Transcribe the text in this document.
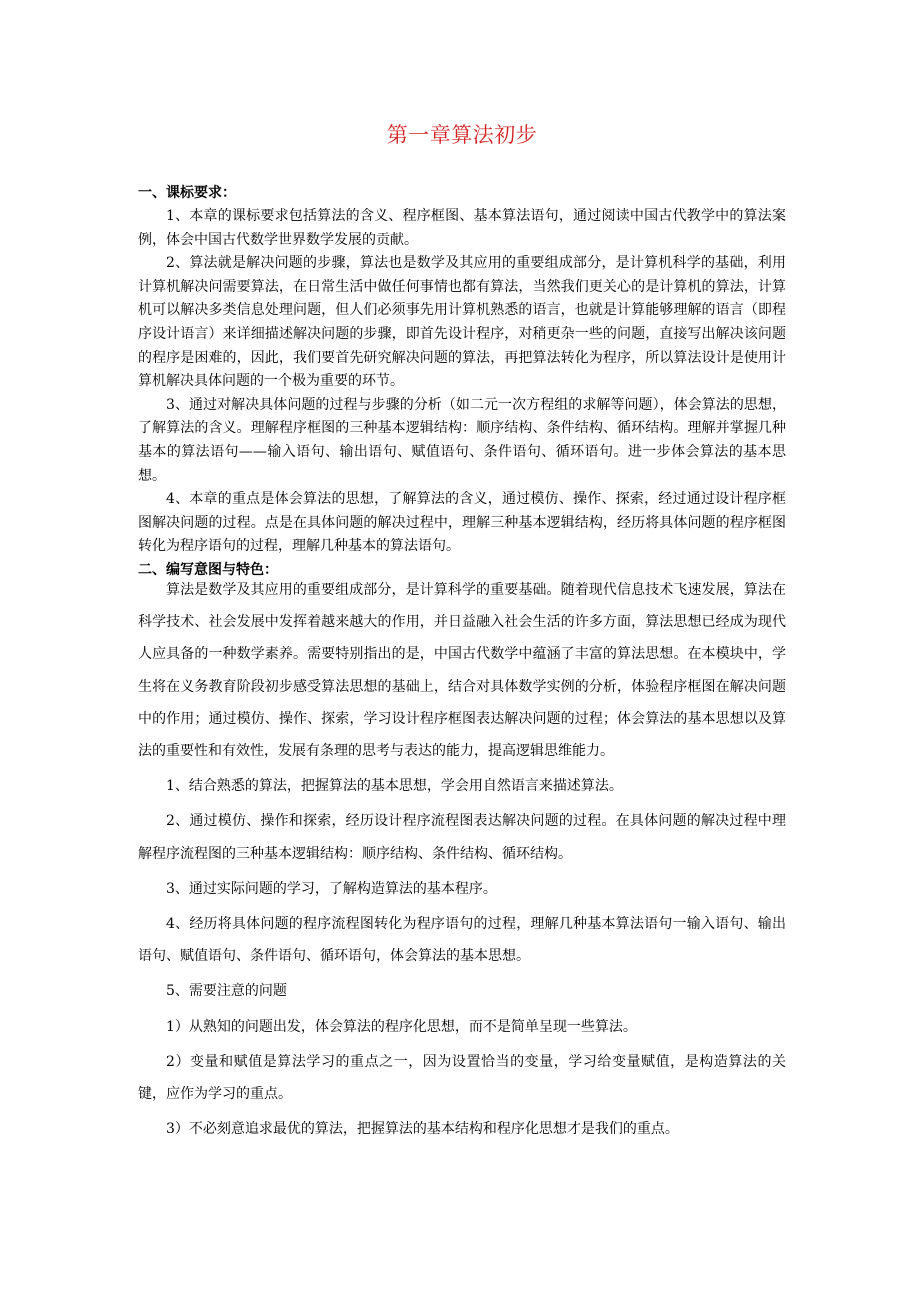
第一章算法初步

一、课标要求：

1、本章的课标要求包括算法的含义、程序框图、基本算法语句，通过阅读中国古代教学中的算法案例，体会中国古代数学世界数学发展的贡献。

2、算法就是解决问题的步骤，算法也是数学及其应用的重要组成部分，是计算机科学的基础，利用计算机解决问需要算法，在日常生活中做任何事情也都有算法，当然我们更关心的是计算机的算法，计算机可以解决多类信息处理问题，但人们必须事先用计算机熟悉的语言，也就是计算能够理解的语言（即程序设计语言）来详细描述解决问题的步骤，即首先设计程序，对稍更杂一些的问题，直接写出解决该问题的程序是困难的，因此，我们要首先研究解决问题的算法，再把算法转化为程序，所以算法设计是使用计算机解决具体问题的一个极为重要的环节。

3、通过对解决具体问题的过程与步骤的分析（如二元一次方程组的求解等问题），体会算法的思想，了解算法的含义。理解程序框图的三种基本逻辑结构：顺序结构、条件结构、循环结构。理解并掌握几种基本的算法语句——输入语句、输出语句、赋值语句、条件语句、循环语句。进一步体会算法的基本思想。

4、本章的重点是体会算法的思想，了解算法的含义，通过模仿、操作、探索，经过通过设计程序框图解决问题的过程。点是在具体问题的解决过程中，理解三种基本逻辑结构，经历将具体问题的程序框图转化为程序语句的过程，理解几种基本的算法语句。

二、编写意图与特色：

算法是数学及其应用的重要组成部分，是计算科学的重要基础。随着现代信息技术飞速发展，算法在科学技术、社会发展中发挥着越来越大的作用，并日益融入社会生活的许多方面，算法思想已经成为现代人应具备的一种数学素养。需要特别指出的是，中国古代数学中蕴涵了丰富的算法思想。在本模块中，学生将在义务教育阶段初步感受算法思想的基础上，结合对具体数学实例的分析，体验程序框图在解决问题中的作用；通过模仿、操作、探索，学习设计程序框图表达解决问题的过程；体会算法的基本思想以及算法的重要性和有效性，发展有条理的思考与表达的能力，提高逻辑思维能力。

1、结合熟悉的算法，把握算法的基本思想，学会用自然语言来描述算法。

2、通过模仿、操作和探索，经历设计程序流程图表达解决问题的过程。在具体问题的解决过程中理解程序流程图的三种基本逻辑结构：顺序结构、条件结构、循环结构。

3、通过实际问题的学习，了解构造算法的基本程序。

4、经历将具体问题的程序流程图转化为程序语句的过程，理解几种基本算法语句一输入语句、输出语句、赋值语句、条件语句、循环语句，体会算法的基本思想。

5、需要注意的问题

1）从熟知的问题出发，体会算法的程序化思想，而不是简单呈现一些算法。

2）变量和赋值是算法学习的重点之一，因为设置恰当的变量，学习给变量赋值，是构造算法的关键，应作为学习的重点。

3）不必刻意追求最优的算法，把握算法的基本结构和程序化思想才是我们的重点。
